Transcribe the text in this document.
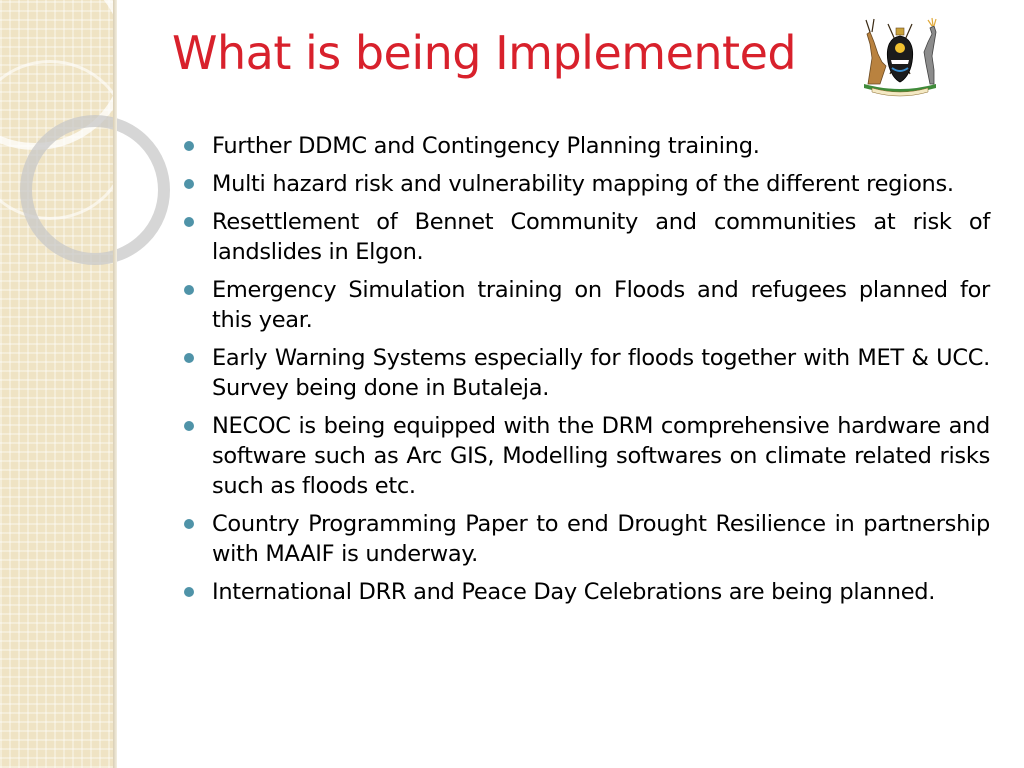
What is being Implemented
Further DDMC and Contingency Planning training.
Multi hazard risk and vulnerability mapping of the different regions.
Resettlement of Bennet Community and communities at risk of landslides in Elgon.
Emergency Simulation training on Floods and refugees planned for this year.
Early Warning Systems especially for floods together with MET & UCC. Survey being done in Butaleja.
NECOC is being equipped with the DRM comprehensive hardware and software such as Arc GIS, Modelling softwares on climate related risks such as floods etc.
Country Programming Paper to end Drought Resilience in partnership with MAAIF is underway.
International DRR and Peace Day Celebrations are being planned.
